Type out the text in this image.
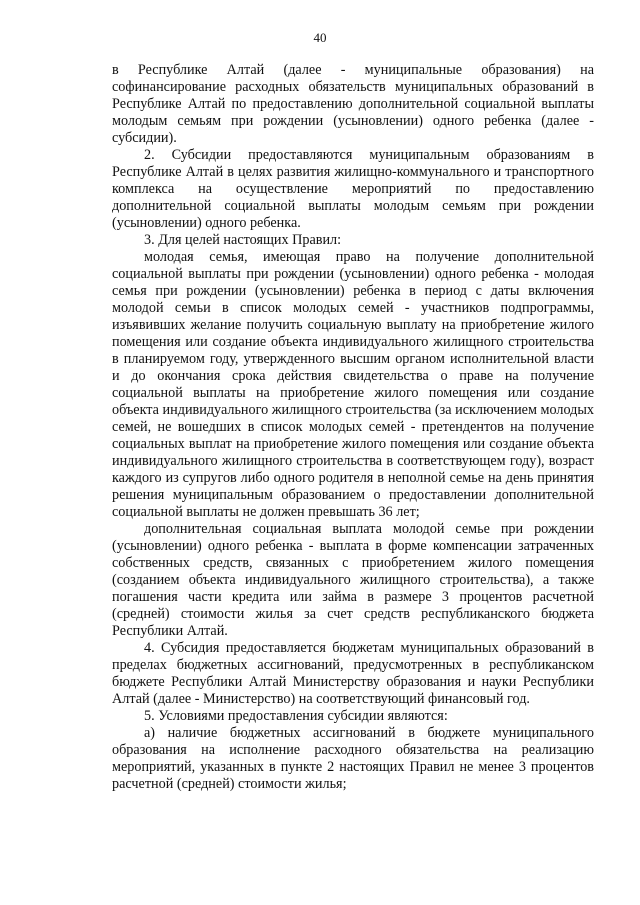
40

в Республике Алтай (далее - муниципальные образования) на софинансирование расходных обязательств муниципальных образований в Республике Алтай по предоставлению дополнительной социальной выплаты молодым семьям при рождении (усыновлении) одного ребенка (далее - субсидии).

2. Субсидии предоставляются муниципальным образованиям в Республике Алтай в целях развития жилищно-коммунального и транспортного комплекса на осуществление мероприятий по предоставлению дополнительной социальной выплаты молодым семьям при рождении (усыновлении) одного ребенка.

3. Для целей настоящих Правил:

молодая семья, имеющая право на получение дополнительной социальной выплаты при рождении (усыновлении) одного ребенка - молодая семья при рождении (усыновлении) ребенка в период с даты включения молодой семьи в список молодых семей - участников подпрограммы, изъявивших желание получить социальную выплату на приобретение жилого помещения или создание объекта индивидуального жилищного строительства в планируемом году, утвержденного высшим органом исполнительной власти и до окончания срока действия свидетельства о праве на получение социальной выплаты на приобретение жилого помещения или создание объекта индивидуального жилищного строительства (за исключением молодых семей, не вошедших в список молодых семей - претендентов на получение социальных выплат на приобретение жилого помещения или создание объекта индивидуального жилищного строительства в соответствующем году), возраст каждого из супругов либо одного родителя в неполной семье на день принятия решения муниципальным образованием о предоставлении дополнительной социальной выплаты не должен превышать 36 лет;

дополнительная социальная выплата молодой семье при рождении (усыновлении) одного ребенка - выплата в форме компенсации затраченных собственных средств, связанных с приобретением жилого помещения (созданием объекта индивидуального жилищного строительства), а также погашения части кредита или займа в размере 3 процентов расчетной (средней) стоимости жилья за счет средств республиканского бюджета Республики Алтай.

4. Субсидия предоставляется бюджетам муниципальных образований в пределах бюджетных ассигнований, предусмотренных в республиканском бюджете Республики Алтай Министерству образования и науки Республики Алтай (далее - Министерство) на соответствующий финансовый год.

5. Условиями предоставления субсидии являются:

а) наличие бюджетных ассигнований в бюджете муниципального образования на исполнение расходного обязательства на реализацию мероприятий, указанных в пункте 2 настоящих Правил не менее 3 процентов расчетной (средней) стоимости жилья;
